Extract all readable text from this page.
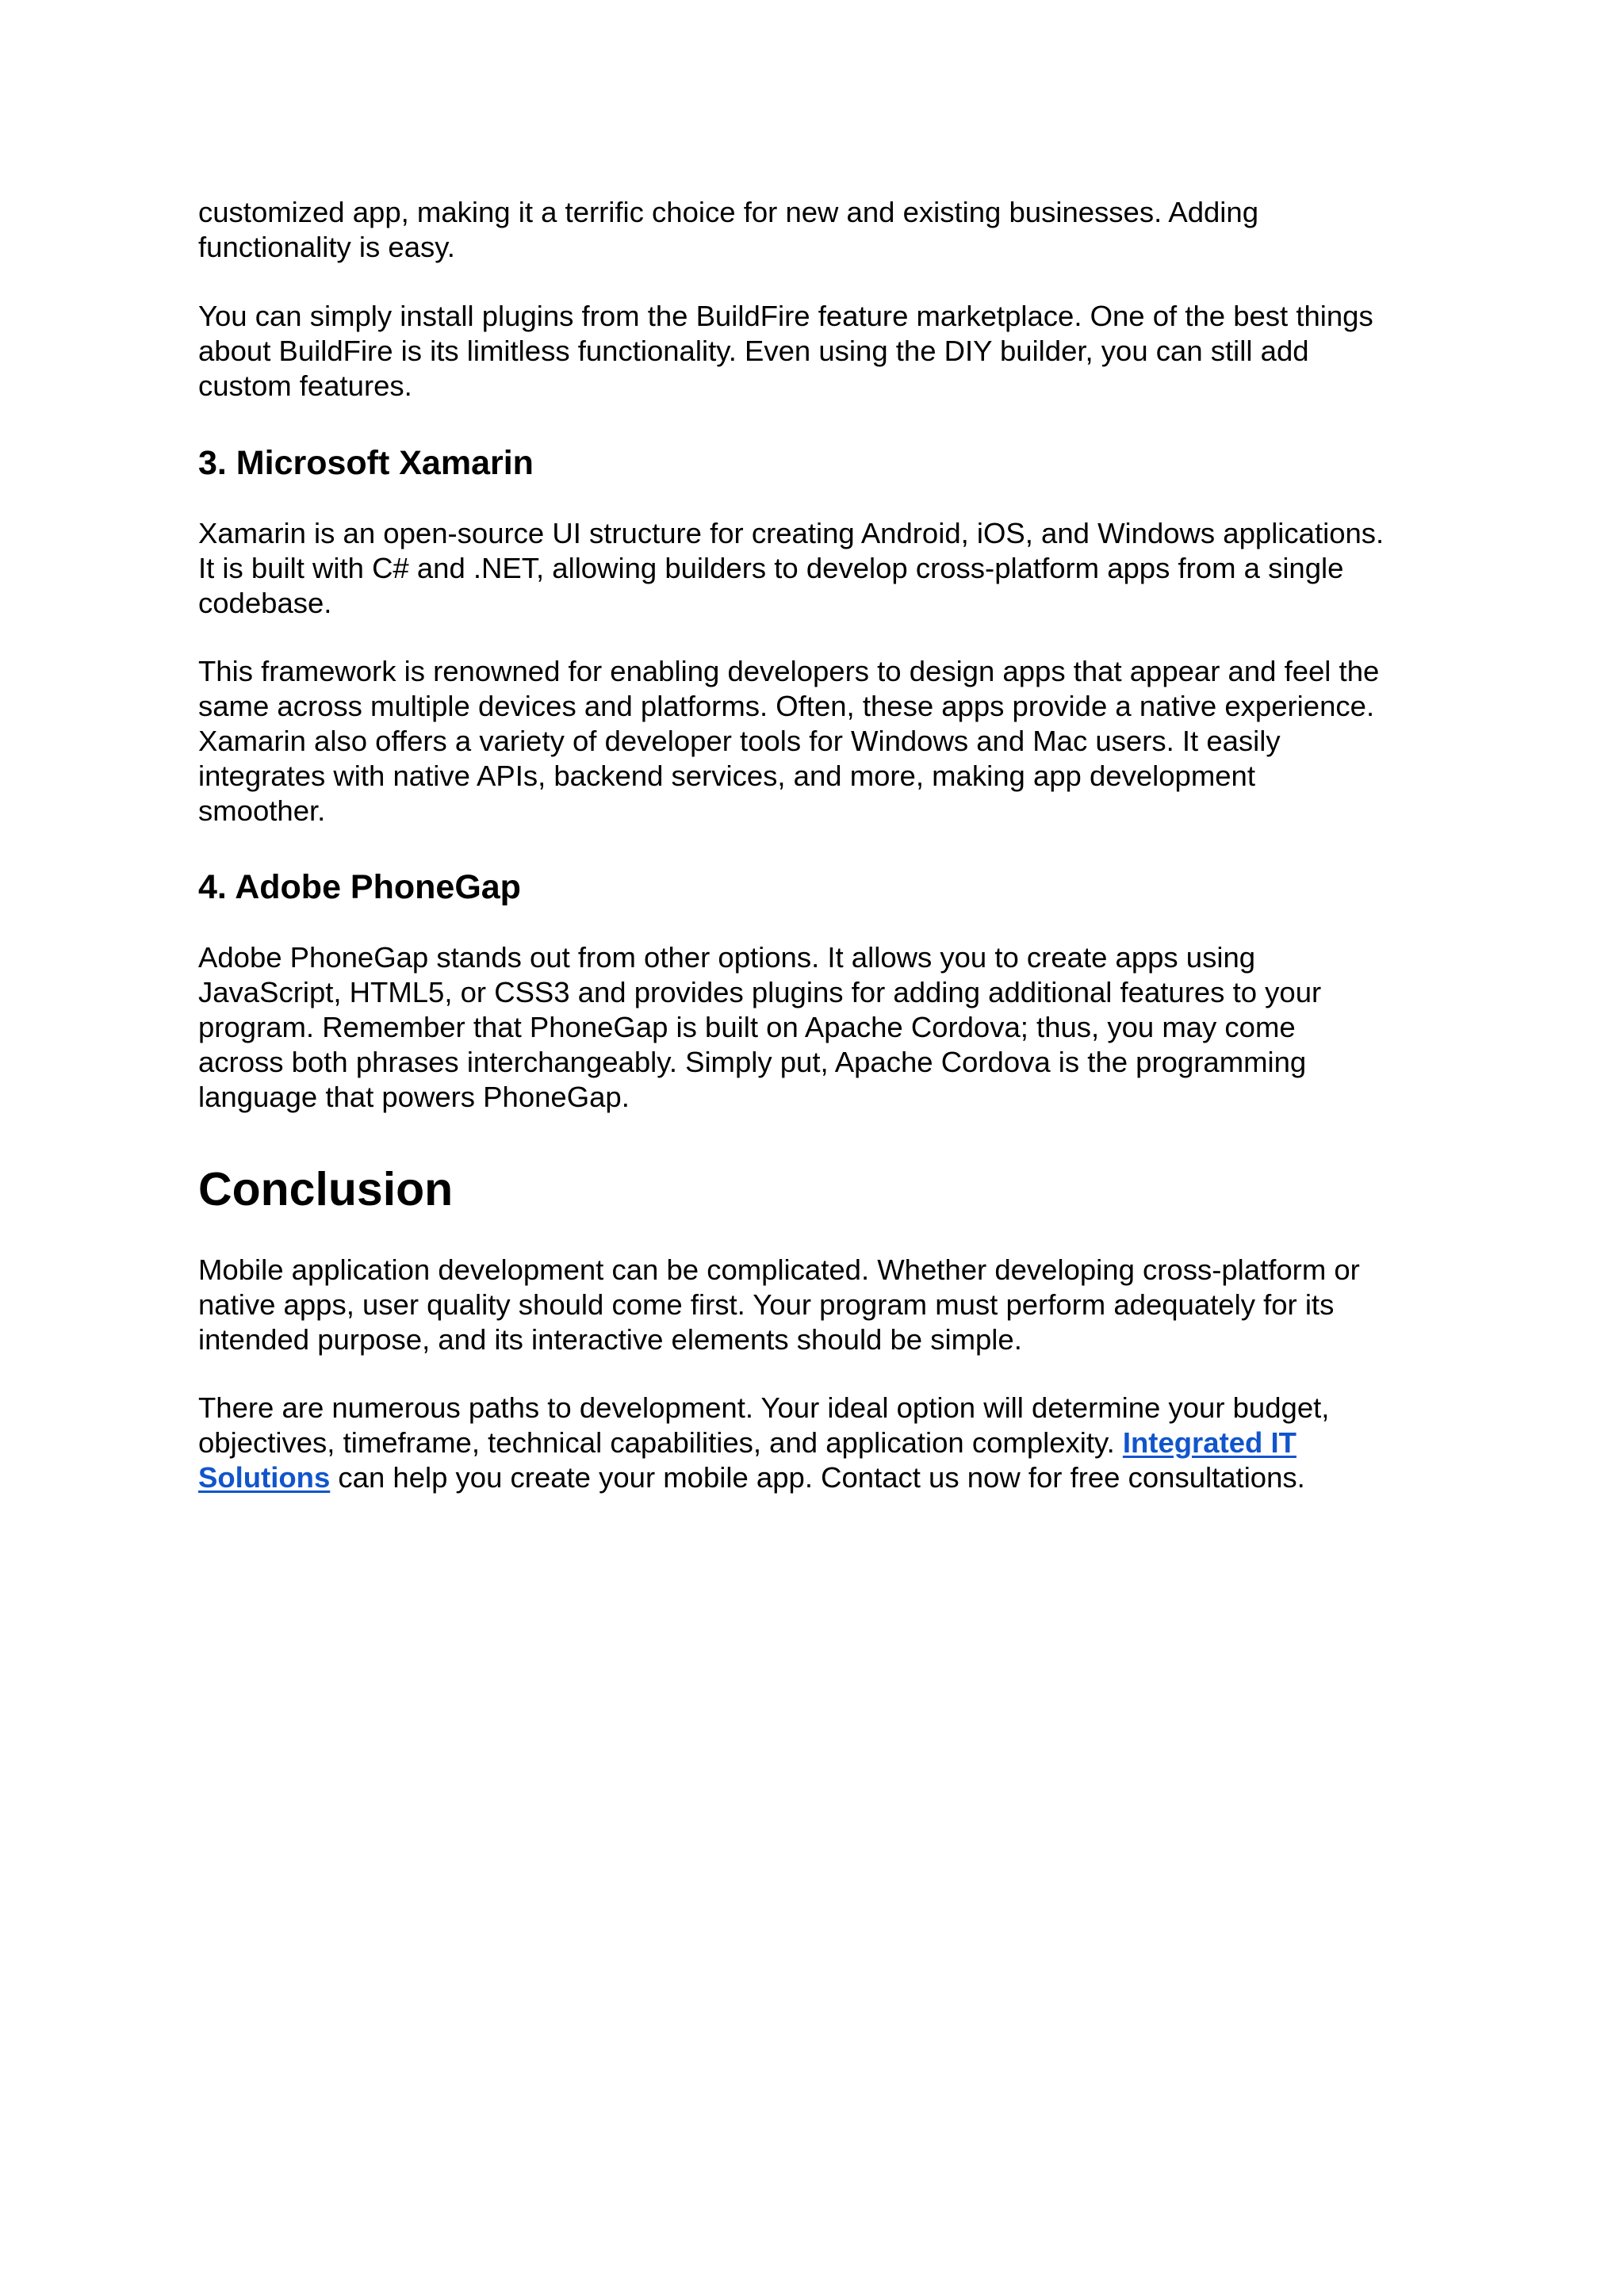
customized app, making it a terrific choice for new and existing businesses. Adding
functionality is easy.

You can simply install plugins from the BuildFire feature marketplace. One of the best things
about BuildFire is its limitless functionality. Even using the DIY builder, you can still add
custom features.

3. Microsoft Xamarin

Xamarin is an open-source UI structure for creating Android, iOS, and Windows applications.
It is built with C# and .NET, allowing builders to develop cross-platform apps from a single
codebase.

This framework is renowned for enabling developers to design apps that appear and feel the
same across multiple devices and platforms. Often, these apps provide a native experience.
Xamarin also offers a variety of developer tools for Windows and Mac users. It easily
integrates with native APIs, backend services, and more, making app development
smoother.

4. Adobe PhoneGap

Adobe PhoneGap stands out from other options. It allows you to create apps using
JavaScript, HTML5, or CSS3 and provides plugins for adding additional features to your
program. Remember that PhoneGap is built on Apache Cordova; thus, you may come
across both phrases interchangeably. Simply put, Apache Cordova is the programming
language that powers PhoneGap.

Conclusion

Mobile application development can be complicated. Whether developing cross-platform or
native apps, user quality should come first. Your program must perform adequately for its
intended purpose, and its interactive elements should be simple.

There are numerous paths to development. Your ideal option will determine your budget,
objectives, timeframe, technical capabilities, and application complexity. Integrated IT
Solutions can help you create your mobile app. Contact us now for free consultations.
